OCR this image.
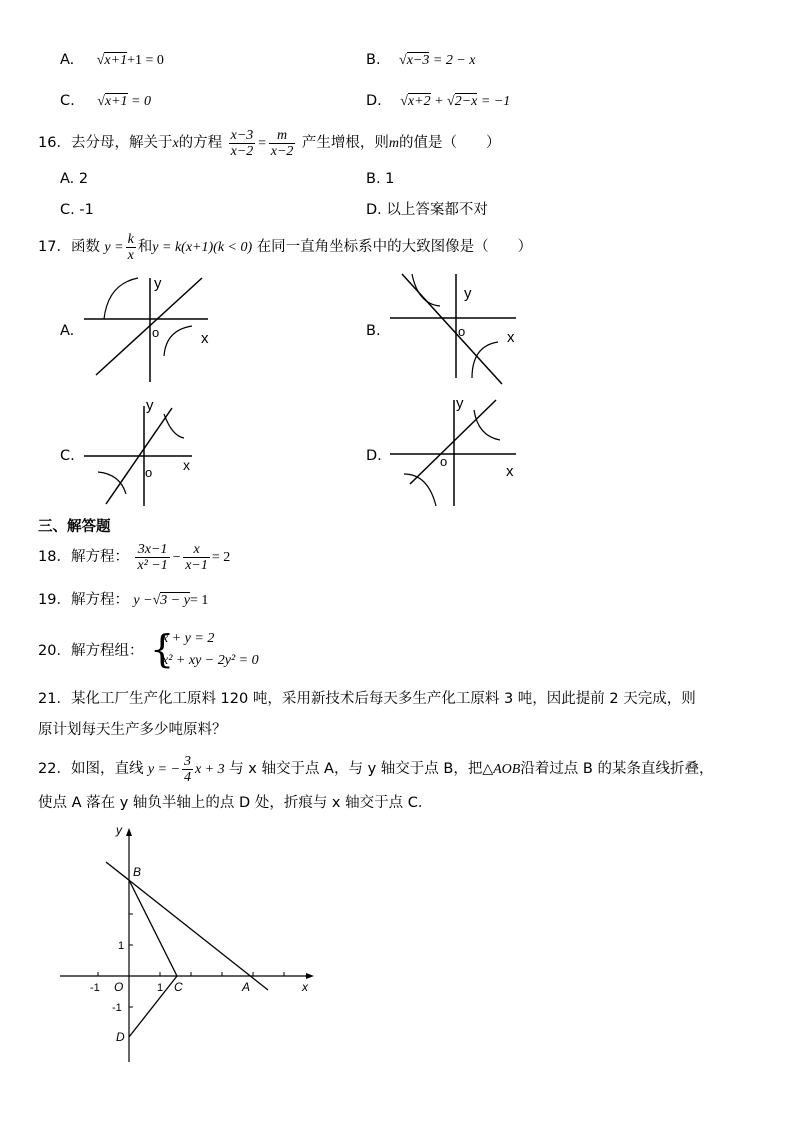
A. √x+1+1 = 0	B. √x−3 = 2 − x
C. √x+1 = 0	D. √x+2 + √2−x = −1
16．去分母，解关于x的方程 $\frac{x-3}{x-2} = \frac{m}{x-2}$ 产生增根，则m的值是（　　）
A. 2	B. 1
C. -1	D. 以上答案都不对
17．函数 $y = \frac{k}{x}$ 和y = k(x+1)(k < 0) 在同一直角坐标系中的大致图像是（　　）
A.	B.
C.	D.
y
x
o
y
x
o
y
x
o
y
x
o
三、解答题
18．解方程： $\frac{3x-1}{\text{x² −1}} - \frac{x}{x-1} = 2$
19．解方程： y −√3 − y= 1
20．解方程组： {
x + y = 2
x² + xy − 2y² = 0
21．某化工厂生产化工原料 120 吨，采用新技术后每天多生产化工原料 3 吨，因此提前 2 天完成，则
原计划每天生产多少吨原料？
22．如图，直线 y = − $\frac{3}{4}$ x + 3 与 x 轴交于点 A，与 y 轴交于点 B，把△AOB沿着过点 B 的某条直线折叠，
使点 A 落在 y 轴负半轴上的点 D 处，折痕与 x 轴交于点 C．
y
x
B
A
C
D
O
1
-1
-1	1
